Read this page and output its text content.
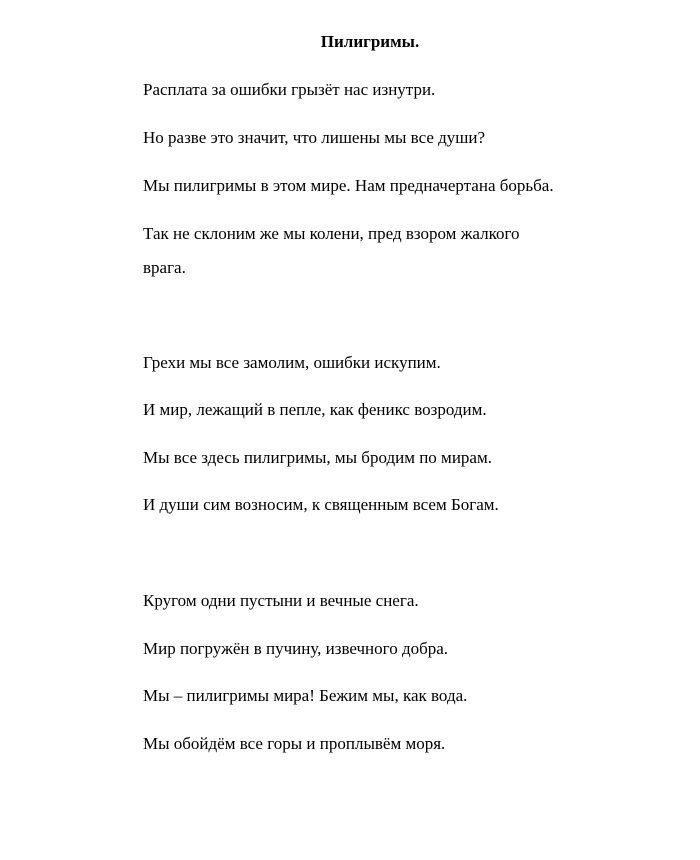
Пилигримы.

Расплата за ошибки грызёт нас изнутри.

Но разве это значит, что лишены мы все души?

Мы пилигримы в этом мире. Нам предначертана борьба.

Так не склоним же мы колени, пред взором жалкого

врага.

Грехи мы все замолим, ошибки искупим.

И мир, лежащий в пепле, как феникс возродим.

Мы все здесь пилигримы, мы бродим по мирам.

И души сим возносим, к священным всем Богам.

Кругом одни пустыни и вечные снега.

Мир погружён в пучину, извечного добра.

Мы – пилигримы мира! Бежим мы, как вода.

Мы обойдём все горы и проплывём моря.
